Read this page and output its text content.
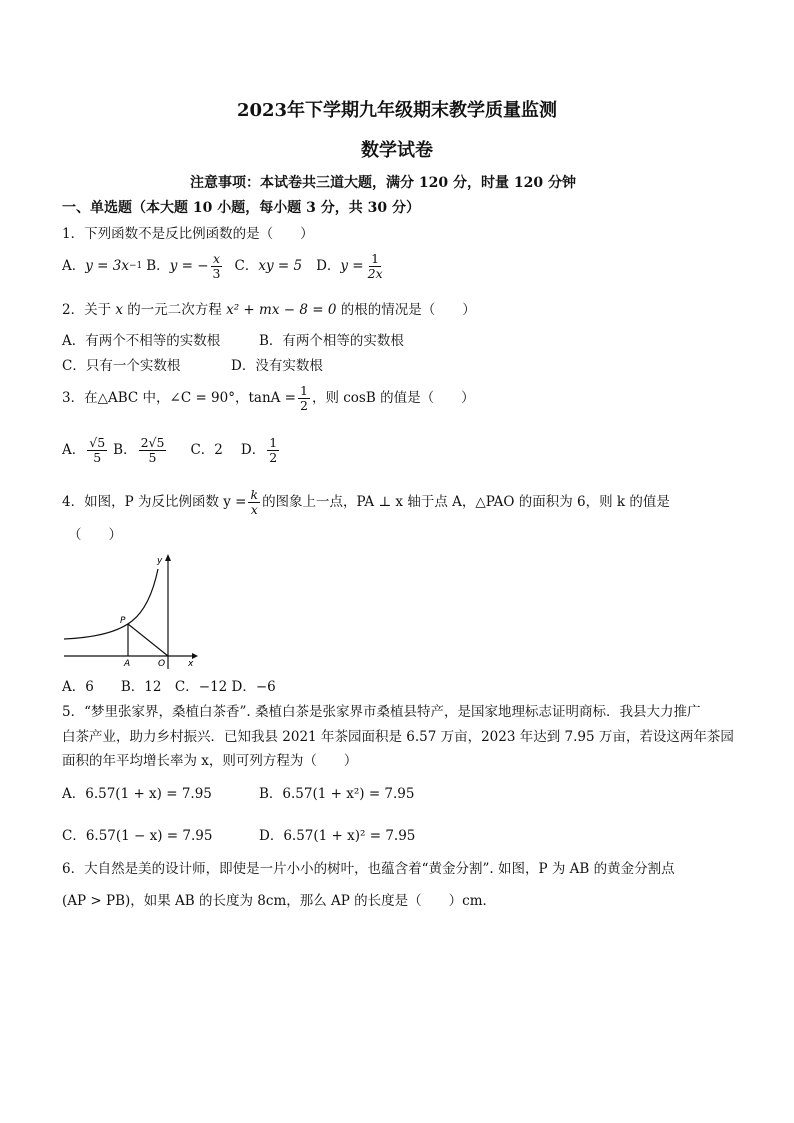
2023年下学期九年级期末教学质量监测
数学试卷
注意事项：本试卷共三道大题，满分 120 分，时量 120 分钟
一、单选题（本大题 10 小题，每小题 3 分，共 30 分）
1．下列函数不是反比例函数的是（　　）
A． y = 3x −1 B． y = − $\frac{x}{3}$ C． xy = 5 D． $y = \frac{1}{2x}$
2．关于 x 的一元二次方程 x² + mx − 8 = 0 的根的情况是（　　）
A．有两个不相等的实数根	B．有两个相等的实数根
C．只有一个实数根	D．没有实数根
3．在△ABC 中，∠C = 90°，$\tan A = \frac{1}{2}$ ，则 cosB 的值是（　　）
A． $\frac{√5}{5}$ B． $\frac{2√5}{5}$ C．2 D． $\frac{1}{2}$
4．如图，P 为反比例函数 $y = \frac{k}{x}$ 的图象上一点，PA ⊥ x 轴于点 A，△PAO 的面积为 6，则 k 的值是
（　　）
y
x
P
A	O
A．6　　B．12　C．−12 D．−6
5．“梦里张家界，桑植白茶香”. 桑植白茶是张家界市桑植县特产，是国家地理标志证明商标．我县大力推广
白茶产业，助力乡村振兴．已知我县 2021 年茶园面积是 6.57 万亩，2023 年达到 7.95 万亩，若设这两年茶园
面积的年平均增长率为 x，则可列方程为（　　）
A．6.57(1 + x) = 7.95	B．6.57(1 + x²) = 7.95
C．6.57(1 − x) = 7.95	D．6.57(1 + x)² = 7.95
6．大自然是美的设计师，即使是一片小小的树叶，也蕴含着“黄金分割”. 如图，P 为 AB 的黄金分割点
(AP > PB)，如果 AB 的长度为 8cm，那么 AP 的长度是（　　）cm．
